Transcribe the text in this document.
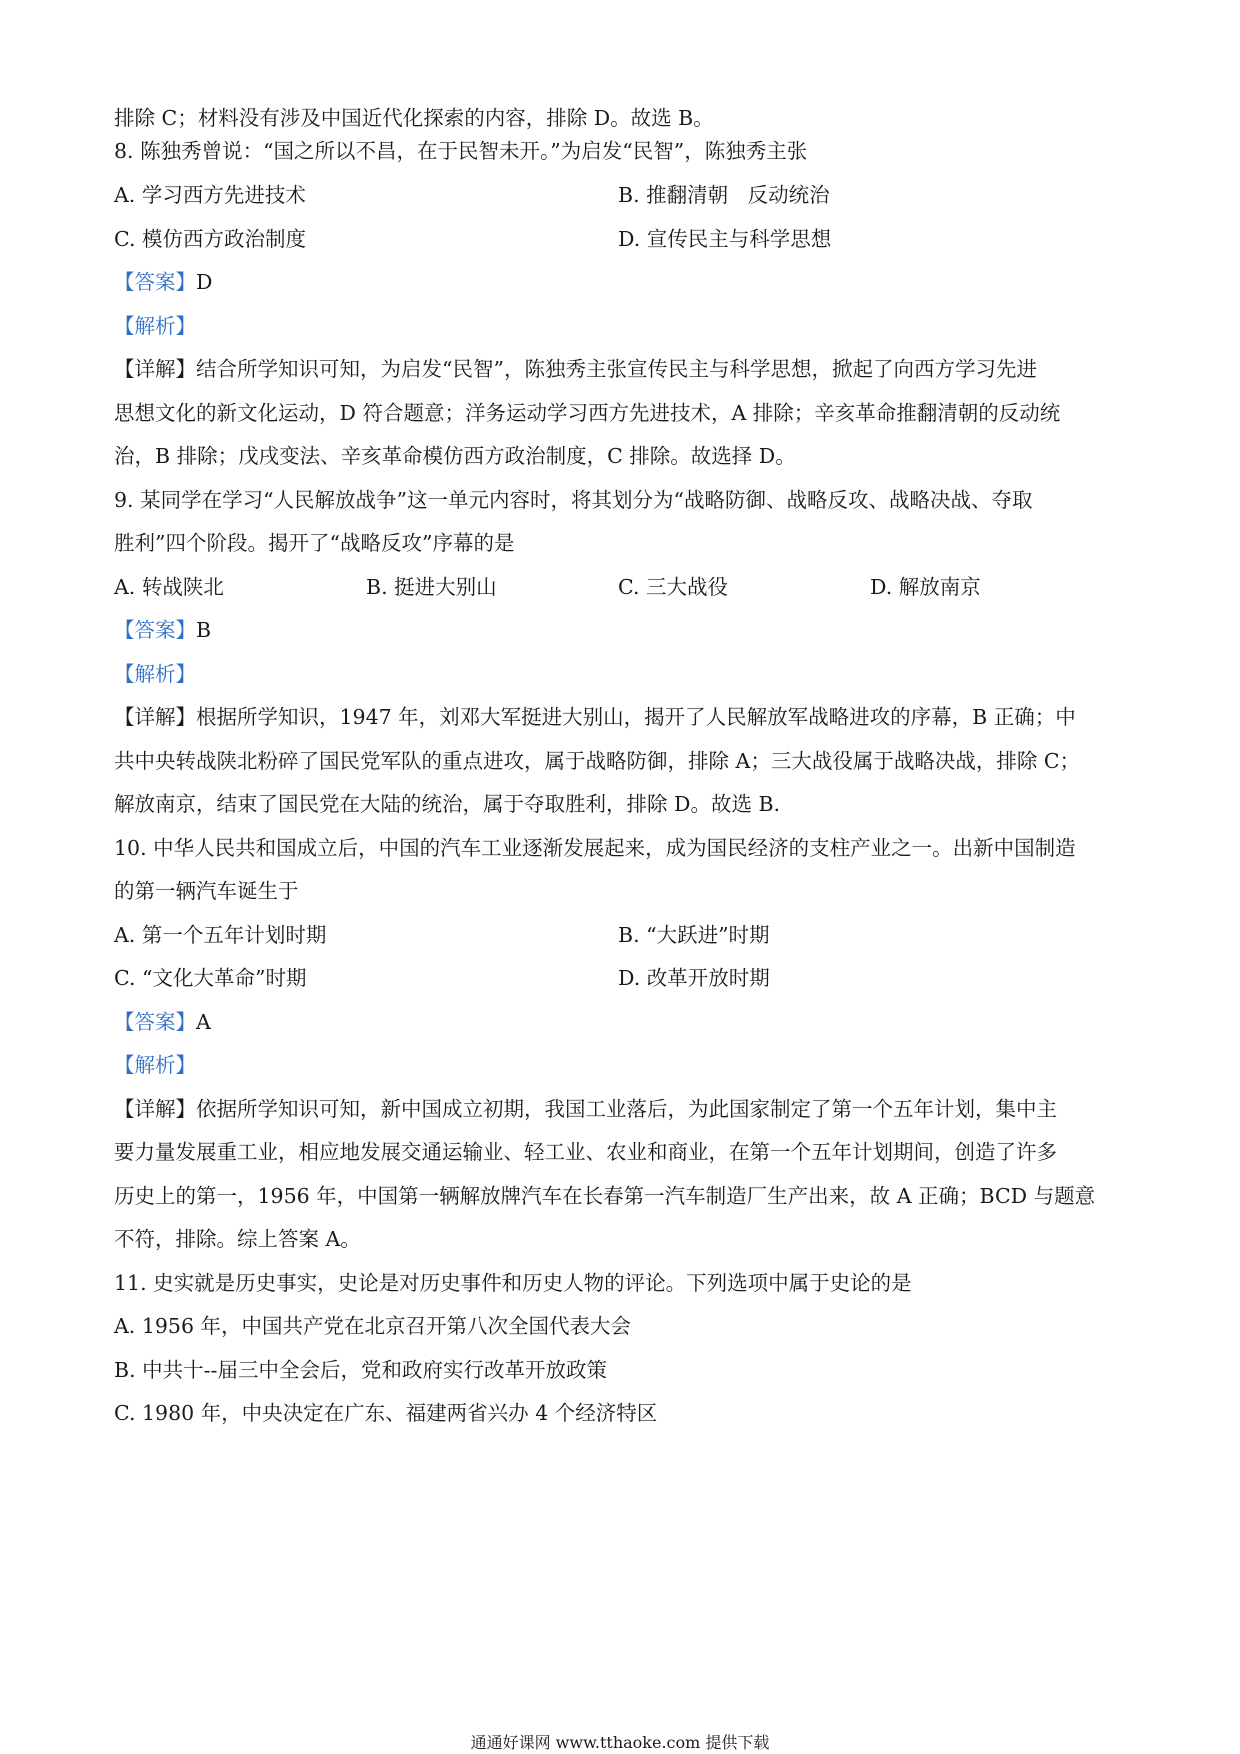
排除 C；材料没有涉及中国近代化探索的内容，排除 D。故选 B。
8. 陈独秀曾说：“国之所以不昌，在于民智未开。”为启发“民智”，陈独秀主张
A. 学习西方先进技术	B. 推翻清朝   反动统治
C. 模仿西方政治制度	D. 宣传民主与科学思想
【答案】D
【解析】
【详解】结合所学知识可知，为启发“民智”，陈独秀主张宣传民主与科学思想，掀起了向西方学习先进
思想文化的新文化运动，D 符合题意；洋务运动学习西方先进技术，A 排除；辛亥革命推翻清朝的反动统
治，B 排除；戊戌变法、辛亥革命模仿西方政治制度，C 排除。故选择 D。
9. 某同学在学习“人民解放战争”这一单元内容时，将其划分为“战略防御、战略反攻、战略决战、夺取
胜利”四个阶段。揭开了“战略反攻”序幕的是
A. 转战陕北	B. 挺进大别山	C. 三大战役	D. 解放南京
【答案】B
【解析】
【详解】根据所学知识，1947 年，刘邓大军挺进大别山，揭开了人民解放军战略进攻的序幕，B 正确；中
共中央转战陕北粉碎了国民党军队的重点进攻，属于战略防御，排除 A；三大战役属于战略决战，排除 C；
解放南京，结束了国民党在大陆的统治，属于夺取胜利，排除 D。故选 B.
10. 中华人民共和国成立后，中国的汽车工业逐渐发展起来，成为国民经济的支柱产业之一。出新中国制造
的第一辆汽车诞生于
A. 第一个五年计划时期	B. “大跃进”时期
C. “文化大革命”时期	D. 改革开放时期
【答案】A
【解析】
【详解】依据所学知识可知，新中国成立初期，我国工业落后，为此国家制定了第一个五年计划，集中主
要力量发展重工业，相应地发展交通运输业、轻工业、农业和商业，在第一个五年计划期间，创造了许多
历史上的第一，1956 年，中国第一辆解放牌汽车在长春第一汽车制造厂生产出来，故 A 正确；BCD 与题意
不符，排除。综上答案 A。
11. 史实就是历史事实，史论是对历史事件和历史人物的评论。下列选项中属于史论的是
A. 1956 年，中国共产党在北京召开第八次全国代表大会
B. 中共十--届三中全会后，党和政府实行改革开放政策
C. 1980 年，中央决定在广东、福建两省兴办 4 个经济特区
通通好课网 www.tthaoke.com 提供下载
